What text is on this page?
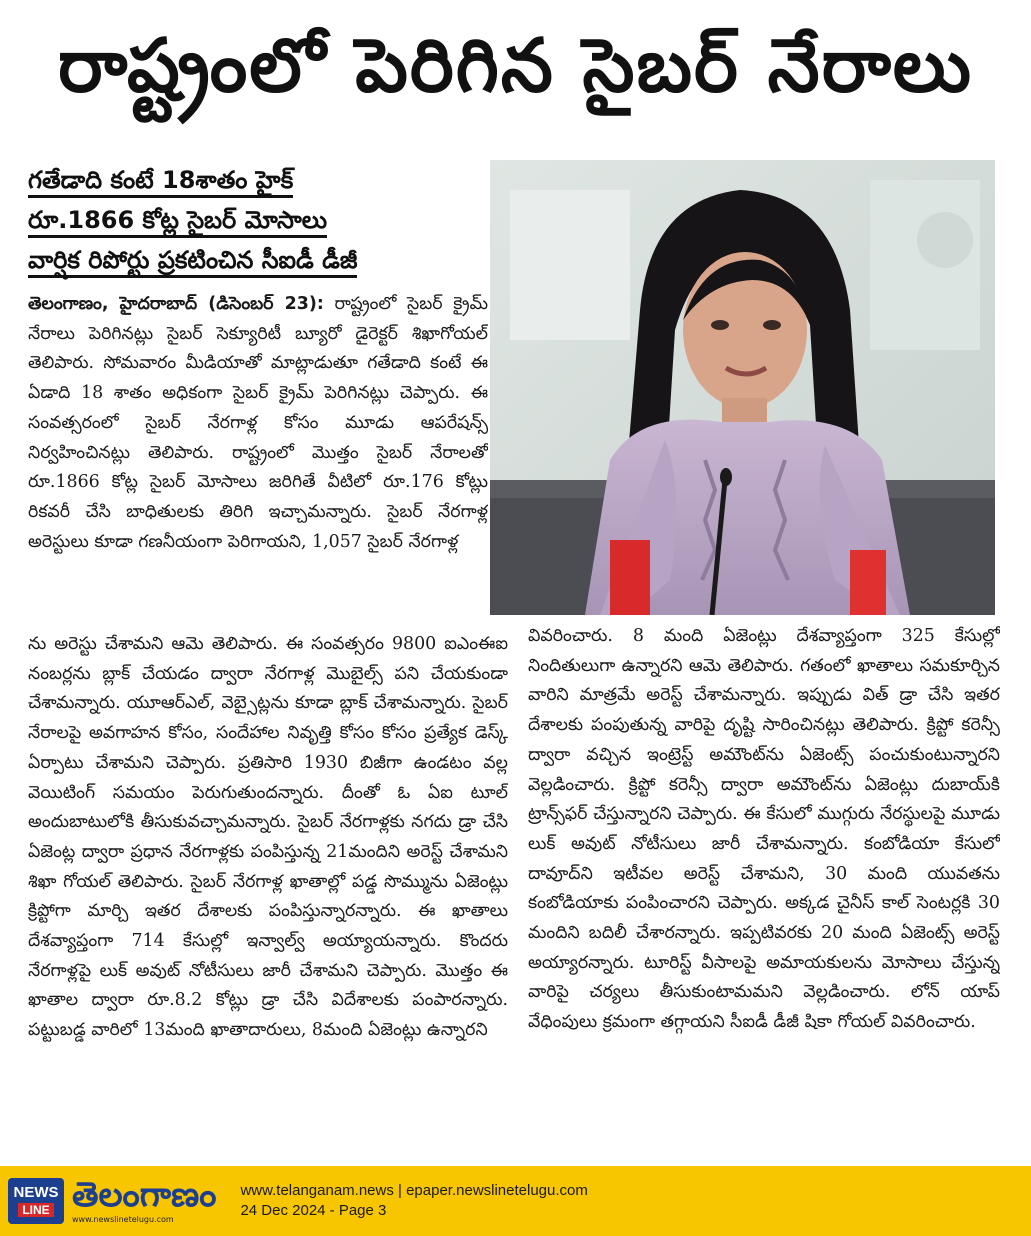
రాష్ట్రంలో పెరిగిన సైబర్ నేరాలు
గతేడాది కంటే 18శాతం హైక్
రూ.1866 కోట్ల సైబర్ మోసాలు
వార్షిక రిపోర్టు ప్రకటించిన సీఐడీ డీజీ
తెలంగాణం, హైదరాబాద్ (డిసెంబర్ 23): రాష్ట్రంలో సైబర్ క్రైమ్ నేరాలు పెరిగినట్లు సైబర్ సెక్యూరిటీ బ్యూరో డైరెక్టర్ శిఖాగోయల్ తెలిపారు. సోమవారం మీడియాతో మాట్లాడుతూ గతేడాది కంటే ఈ ఏడాది 18 శాతం అధికంగా సైబర్ క్రైమ్ పెరిగినట్లు చెప్పారు. ఈ సంవత్సరంలో సైబర్ నేరగాళ్ల కోసం మూడు ఆపరేషన్స్ నిర్వహించినట్లు తెలిపారు. రాష్ట్రంలో మొత్తం సైబర్ నేరాలతో రూ.1866 కోట్ల సైబర్ మోసాలు జరిగితే వీటిలో రూ.176 కోట్లు రికవరీ చేసి బాధితులకు తిరిగి ఇచ్చామన్నారు. సైబర్ నేరగాళ్ల అరెస్టులు కూడా గణనీయంగా పెరిగాయని, 1,057 సైబర్ నేరగాళ్ల
ను అరెస్టు చేశామని ఆమె తెలిపారు. ఈ సంవత్సరం 9800 ఐఎంఈఐ నంబర్లను బ్లాక్ చేయడం ద్వారా నేరగాళ్ల మొబైల్స్ పని చేయకుండా చేశామన్నారు. యూఆర్ఎల్, వెబ్సైట్లను కూడా బ్లాక్ చేశామన్నారు. సైబర్ నేరాలపై అవగాహన కోసం, సందేహాల నివృత్తి కోసం కోసం ప్రత్యేక డెస్క్ ఏర్పాటు చేశామని చెప్పారు. ప్రతిసారి 1930 బిజీగా ఉండటం వల్ల వెయిటింగ్ సమయం పెరుగుతుందన్నారు. దీంతో ఓ ఏఐ టూల్ అందుబాటులోకి తీసుకువచ్చామన్నారు. సైబర్ నేరగాళ్లకు నగదు డ్రా చేసి ఏజెంట్ల ద్వారా ప్రధాన నేరగాళ్లకు పంపిస్తున్న 21మందిని అరెస్ట్ చేశామని శిఖా గోయల్ తెలిపారు. సైబర్ నేరగాళ్ల ఖాతాల్లో పడ్డ సొమ్మును ఏజెంట్లు క్రిప్టోగా మార్చి ఇతర దేశాలకు పంపిస్తున్నారన్నారు. ఈ ఖాతాలు దేశవ్యాప్తంగా 714 కేసుల్లో ఇన్వాల్వ్ అయ్యాయన్నారు. కొందరు నేరగాళ్లపై లుక్ అవుట్ నోటీసులు జారీ చేశామని చెప్పారు. మొత్తం ఈ ఖాతాల ద్వారా రూ.8.2 కోట్లు డ్రా చేసి విదేశాలకు పంపారన్నారు. పట్టుబడ్డ వారిలో 13మంది ఖాతాదారులు, 8మంది ఏజెంట్లు ఉన్నారని
వివరించారు. 8 మంది ఏజెంట్లు దేశవ్యాప్తంగా 325 కేసుల్లో నిందితులుగా ఉన్నారని ఆమె తెలిపారు. గతంలో ఖాతాలు సమకూర్చిన వారిని మాత్రమే అరెస్ట్ చేశామన్నారు. ఇప్పుడు విత్ డ్రా చేసి ఇతర దేశాలకు పంపుతున్న వారిపై దృష్టి సారించినట్లు తెలిపారు. క్రిప్టో కరెన్సీ ద్వారా వచ్చిన ఇంట్రెస్ట్ అమౌంట్‌ను ఏజెంట్స్ పంచుకుంటున్నారని వెల్లడించారు. క్రిప్టో కరెన్సీ ద్వారా అమౌంట్‌ను ఏజెంట్లు దుబాయ్‌కి ట్రాన్స్‌ఫర్ చేస్తున్నారని చెప్పారు. ఈ కేసులో ముగ్గురు నేరస్థులపై మూడు లుక్ అవుట్ నోటీసులు జారీ చేశామన్నారు. కంబోడియా కేసులో దావూద్‌ని ఇటీవల అరెస్ట్ చేశామని, 30 మంది యువతను కంబోడియాకు పంపించారని చెప్పారు. అక్కడ చైనీస్ కాల్ సెంటర్లకి 30 మందిని బదిలీ చేశారన్నారు. ఇప్పటివరకు 20 మంది ఏజెంట్స్ అరెస్ట్ అయ్యారన్నారు. టూరిస్ట్ వీసాలపై అమాయకులను మోసాలు చేస్తున్న వారిపై చర్యలు తీసుకుంటామమని వెల్లడించారు. లోన్ యాప్ వేధింపులు క్రమంగా తగ్గాయని సీఐడీ డీజీ షికా గోయల్ వివరించారు.
NEWS
LINE తెలంగాణం
www.newslinetelugu.com
www.telanganam.news | epaper.newslinetelugu.com
24 Dec 2024 - Page 3
